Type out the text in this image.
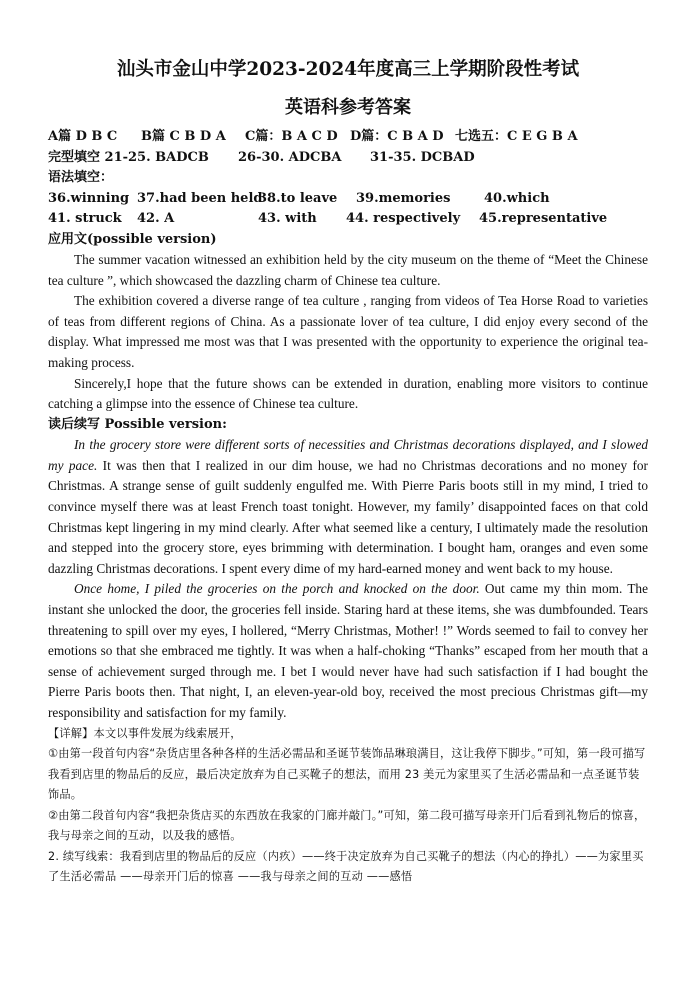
汕头市金山中学2023-2024年度高三上学期阶段性考试
英语科参考答案
A篇 D B C B篇 C B D A C篇：B A C D D篇：C B A D 七选五：C E G B A
完型填空 21-25. BADCB 26-30. ADCBA 31-35. DCBAD
语法填空：
36.winning 37.had been held38.to leave 39.memories	40.which
41. struck 42. A	43. with 44. respectively 45.representative
应用文(possible version)

The summer vacation witnessed an exhibition held by the city museum on the theme of “Meet the Chinese tea culture ”, which showcased the dazzling charm of Chinese tea culture.

The exhibition covered a diverse range of tea culture , ranging from videos of Tea Horse Road to varieties of teas from different regions of China. As a passionate lover of tea culture, I did enjoy every second of the display. What impressed me most was that I was presented with the opportunity to experience the original tea-making process.

Sincerely,I hope that the future shows can be extended in duration, enabling more visitors to continue catching a glimpse into the essence of Chinese tea culture.

读后续写 Possible version:

In the grocery store were different sorts of necessities and Christmas decorations displayed, and I slowed my pace. It was then that I realized in our dim house, we had no Christmas decorations and no money for Christmas. A strange sense of guilt suddenly engulfed me. With Pierre Paris boots still in my mind, I tried to convince myself there was at least French toast tonight. However, my family’ disappointed faces on that cold Christmas kept lingering in my mind clearly. After what seemed like a century, I ultimately made the resolution and stepped into the grocery store, eyes brimming with determination. I bought ham, oranges and even some dazzling Christmas decorations. I spent every dime of my hard-earned money and went back to my house.

Once home, I piled the groceries on the porch and knocked on the door. Out came my thin mom. The instant she unlocked the door, the groceries fell inside. Staring hard at these items, she was dumbfounded. Tears threatening to spill over my eyes, I hollered, “Merry Christmas, Mother! !” Words seemed to fail to convey her emotions so that she embraced me tightly. It was when a half-choking “Thanks” escaped from her mouth that a sense of achievement surged through me. I bet I would never have had such satisfaction if I had bought the Pierre Paris boots then. That night, I, an eleven-year-old boy, received the most precious Christmas gift—my responsibility and satisfaction for my family.

【详解】本文以事件发展为线索展开，

①由第一段首句内容“杂货店里各种各样的生活必需品和圣诞节装饰品琳琅满目，这让我停下脚步。”可知，第一段可描写我看到店里的物品后的反应，最后决定放弃为自己买靴子的想法，而用 23 美元为家里买了生活必需品和一点圣诞节装饰品。

②由第二段首句内容“我把杂货店买的东西放在我家的门廊并敲门。”可知，第二段可描写母亲开门后看到礼物后的惊喜，我与母亲之间的互动，以及我的感悟。

2. 续写线索：我看到店里的物品后的反应（内疚）——终于决定放弃为自己买靴子的想法（内心的挣扎）——为家里买了生活必需品 ——母亲开门后的惊喜 ——我与母亲之间的互动 ——感悟
